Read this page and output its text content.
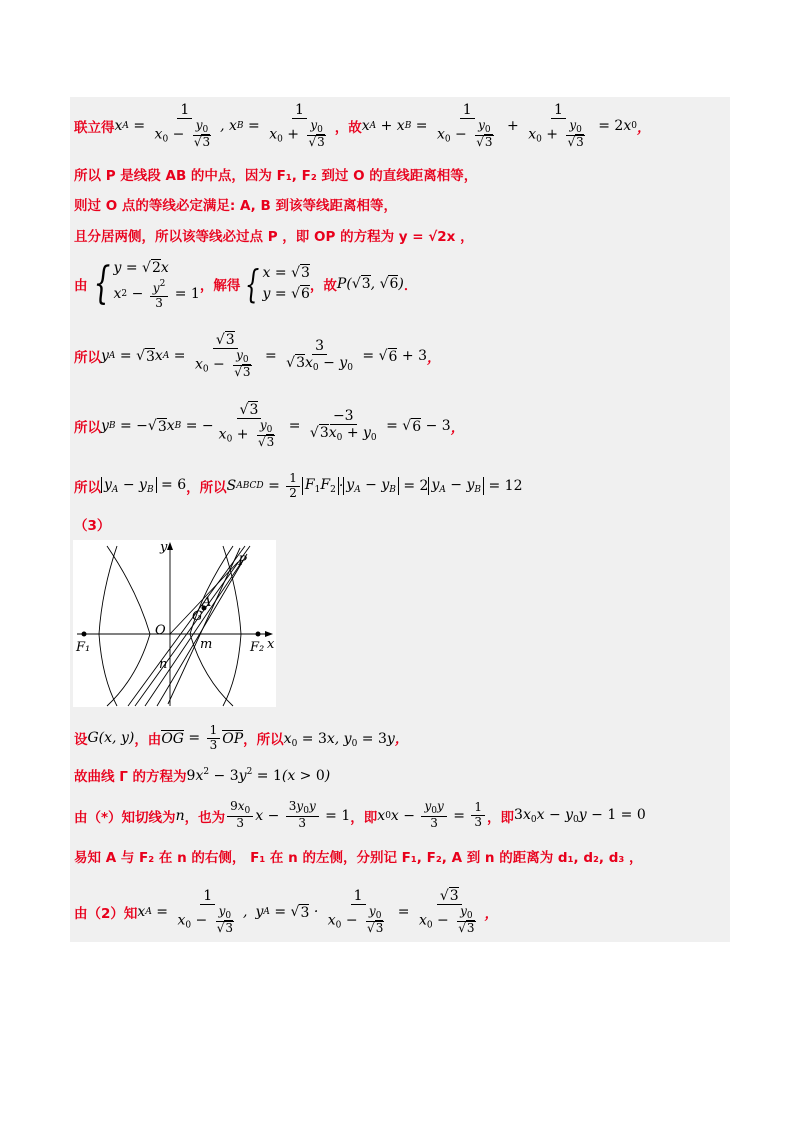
联立得 x $A = \frac{1}{x_0 - \frac{y_0}{√3}}$ , x $B = \frac{1}{x_0 + \frac{y_0}{√3}}$ ，故 x A + x $B = \frac{1}{x_0 - \frac{y_0}{√3}} + \frac{1}{x_0 + \frac{y_0}{√3}} = 2$ x 0 ，
所以 P 是线段 AB 的中点，因为 F₁, F₂ 到过 O 的直线距离相等，
则过 O 点的等线必定满足: A, B 到该等线距离相等，
且分居两侧，所以该等线必过点 P ，即 OP 的方程为 y = √2x ，
由 { y = √2x
x $2 - \frac{y^2}{3} = 1$ ，解得 { x = √3
y = √6 ，故 P(√3, √6) ．
所以 y A = √ 3 x $A = \frac{√3}{x_0 - \frac{y_0}{√3}} = \frac{3}{√3x_0 - y_0}$ = √ 6 + 3 ，
所以 y B = − √ 3 x B = − $\frac{√3}{x_0 + \frac{y_0}{√3}} = \frac{-3}{√3x_0 + y_0}$ = √ 6 − 3 ，
所以 $y_A - y_B = 6$ ，所以 S ABCD = $\frac{1}{2} F_1F_2 \cdot y_A - y_B = 2$ $y_A - y_B = 12$
（3）
y
x
P
A
G
O
m
n
F₁	F₂
设 G(x, y) ，由 OG = $\frac{1}{3}$ OP ，所以 $x_0 = 3x$, $y_0 = 3y$，
故曲线 Γ 的方程为 $9x^2 - 3y^2 = 1(x > 0)$
由（*）知切线为 n ，也为 $\frac{9x_0}{3}$ $x - \frac{3y_0y}{3} = 1$ ，即 x 0 $x - \frac{y_0y}{3} = \frac{1}{3}$ ，即 $3x_0x - y_0y - 1 = 0$
易知 A 与 F₂ 在 n 的右侧， F₁ 在 n 的左侧，分别记 F₁, F₂, A 到 n 的距离为 d₁, d₂, d₃ ，
由（2）知 x $A = \frac{1}{x_0 - \frac{y_0}{√3}}$ , y A = √ $3 \cdot \frac{1}{x_0 - \frac{y_0}{√3}} = \frac{√3}{x_0 - \frac{y_0}{√3}}$ ，
